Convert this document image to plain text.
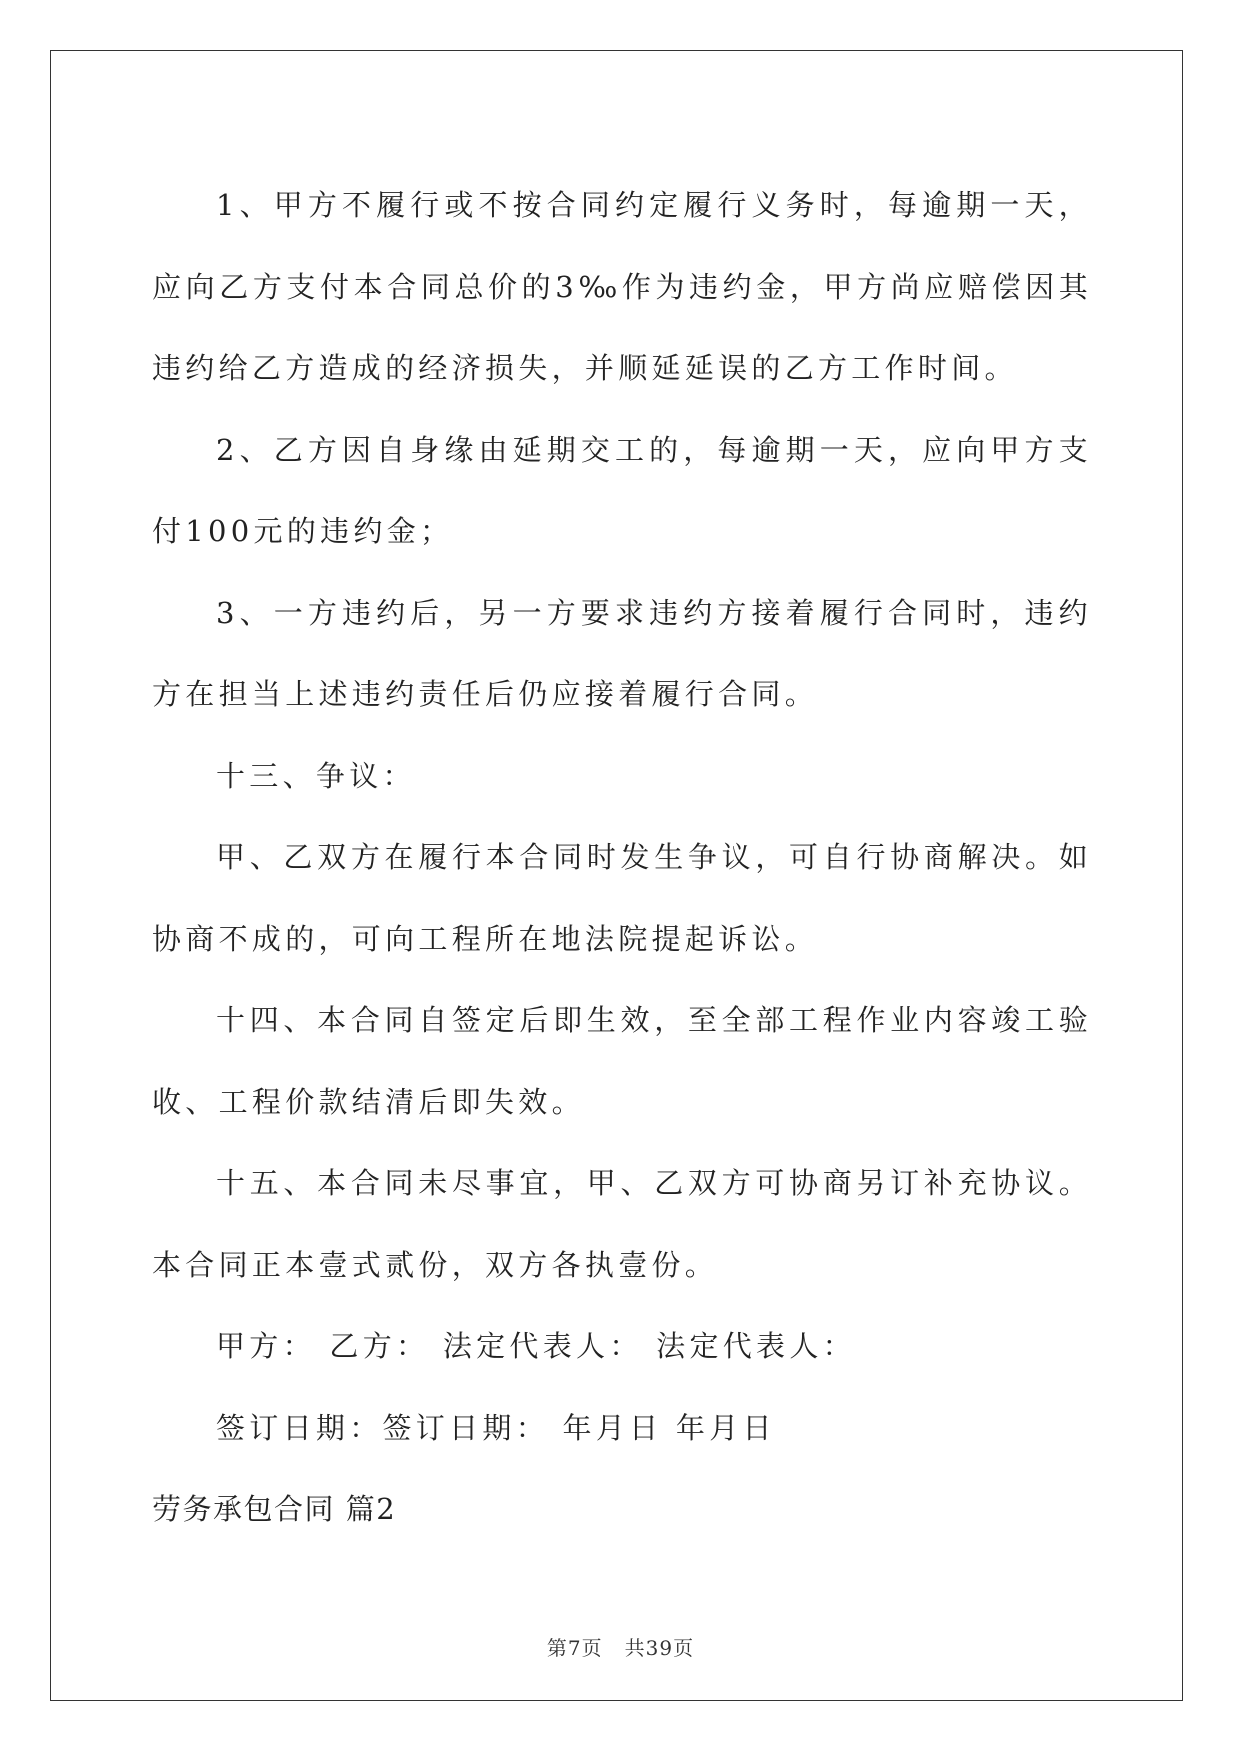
1、甲方不履行或不按合同约定履行义务时，每逾期一天，应向乙方支付本合同总价的3‰作为违约金，甲方尚应赔偿因其违约给乙方造成的经济损失，并顺延延误的乙方工作时间。

2、乙方因自身缘由延期交工的，每逾期一天，应向甲方支付100元的违约金；

3、一方违约后，另一方要求违约方接着履行合同时，违约方在担当上述违约责任后仍应接着履行合同。

十三、争议：

甲、乙双方在履行本合同时发生争议，可自行协商解决。如协商不成的，可向工程所在地法院提起诉讼。

十四、本合同自签定后即生效，至全部工程作业内容竣工验收、工程价款结清后即失效。

十五、本合同未尽事宜，甲、乙双方可协商另订补充协议。本合同正本壹式贰份，双方各执壹份。

甲方： 乙方： 法定代表人： 法定代表人：

签订日期：签订日期： 年月日 年月日

劳务承包合同 篇2

第7页 共39页
